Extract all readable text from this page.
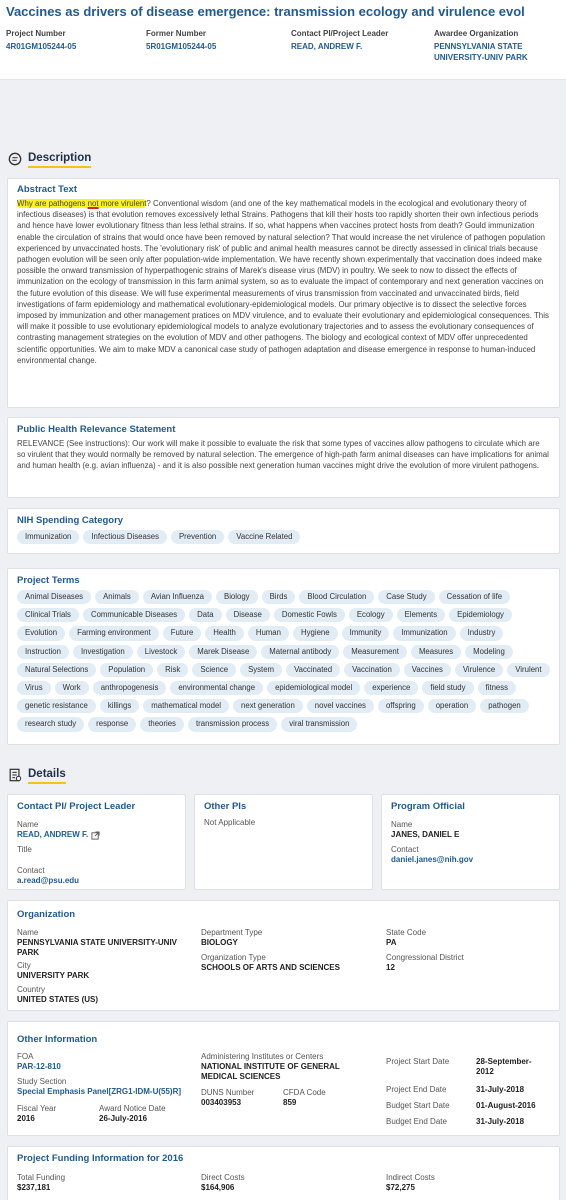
Vaccines as drivers of disease emergence: transmission ecology and virulence evol
Project Number
4R01GM105244-05
Former Number
5R01GM105244-05
Contact PI/Project Leader
READ, ANDREW F.
Awardee Organization
PENNSYLVANIA STATE
UNIVERSITY-UNIV PARK
Description
Abstract Text
Why are pathogens not more virulent? Conventional wisdom (and one of the key mathematical models in the ecological and evolutionary theory of infectious diseases) is that evolution removes excessively lethal Strains. Pathogens that kill their hosts too rapidly shorten their own infectious periods and hence have lower evolutionary fitness than less lethal strains. If so, what happens when vaccines protect hosts from death? Gould immunization enable the circulation of strains that would once have been removed by natural selection? That would increase the net virulence of pathogen population experienced by unvaccinated hosts. The 'evolutionary risk' of public and animal health measures cannot be directly assessed in clinical trials because pathogen evolution will be seen only after population-wide implementation. We have recently shown experimentally that vaccination does indeed make possible the onward transmission of hyperpathogenic strains of Marek's disease virus (MDV) in poultry. We seek to now to dissect the effects of immunization on the ecology of transmission in this farm animal system, so as to evaluate the impact of contemporary and next generation vaccines on the future evolution of this disease. We will fuse experimental measurements of virus transmission from vaccinated and unvaccinated birds, field investigations of farm epidemiology and mathematical evolutionary-epidemiological models. Our primary objective is to dissect the selective forces imposed by immunization and other management pratices on MDV virulence, and to evaluate their evolutionary and epidemiological consequences. This will make it possible to use evolutionary epidemiological models to analyze evolutionary trajectories and to assess the evolutionary consequences of contrasting management strategies on the evolution of MDV and other pathogens. The biology and ecological context of MDV offer unprecedented scientific opportunities. We aim to make MDV a canonical case study of pathogen adaptation and disease emergence in response to human-induced environmental change.
Public Health Relevance Statement
RELEVANCE (See instructions): Our work will make it possible to evaluate the risk that some types of vaccines allow pathogens to circulate which are so virulent that they would normally be removed by natural selection. The emergence of high-path farm animal diseases can have implications for animal and human health (e.g. avian influenza) - and it is also possible next generation human vaccines might drive the evolution of more virulent pathogens.
NIH Spending Category
Immunization	Infectious Diseases	Prevention	Vaccine Related
Project Terms
Animal Diseases	Animals	Avian Influenza	Biology	Birds	Blood Circulation	Case Study	Cessation of life
Clinical Trials	Communicable Diseases	Data	Disease	Domestic Fowls	Ecology	Elements	Epidemiology
Evolution	Farming environment	Future	Health	Human	Hygiene	Immunity	Immunization	Industry
Instruction	Investigation	Livestock	Marek Disease	Maternal antibody	Measurement	Measures	Modeling
Natural Selections	Population	Risk	Science	System	Vaccinated	Vaccination	Vaccines	Virulence	Virulent
Virus	Work	anthropogenesis	environmental change	epidemiological model	experience	field study	fitness
genetic resistance	killings	mathematical model	next generation	novel vaccines	offspring	operation	pathogen
research study	response	theories	transmission process	viral transmission
Details
Contact PI/ Project Leader
Name
READ, ANDREW F.
Title
Contact
a.read@psu.edu
Other PIs
Not Applicable
Program Official
Name
JANES, DANIEL E
Contact
daniel.janes@nih.gov
Organization
Name
PENNSYLVANIA STATE UNIVERSITY-UNIV
PARK
City
UNIVERSITY PARK
Country
UNITED STATES (US)
Department Type
BIOLOGY
Organization Type
SCHOOLS OF ARTS AND SCIENCES
State Code
PA
Congressional District
12
Other Information
FOA
PAR-12-810
Study Section
Special Emphasis Panel[ZRG1-IDM-U(55)R]
Fiscal Year
2016
Award Notice Date
26-July-2016
Administering Institutes or Centers
NATIONAL INSTITUTE OF GENERAL
MEDICAL SCIENCES
DUNS Number
003403953
CFDA Code
859
Project Start Date	28-September-
2012
Project End Date	31-July-2018
Budget Start Date	01-August-2016
Budget End Date	31-July-2018
Project Funding Information for 2016
Total Funding
$237,181
Direct Costs
$164,906
Indirect Costs
$72,275
